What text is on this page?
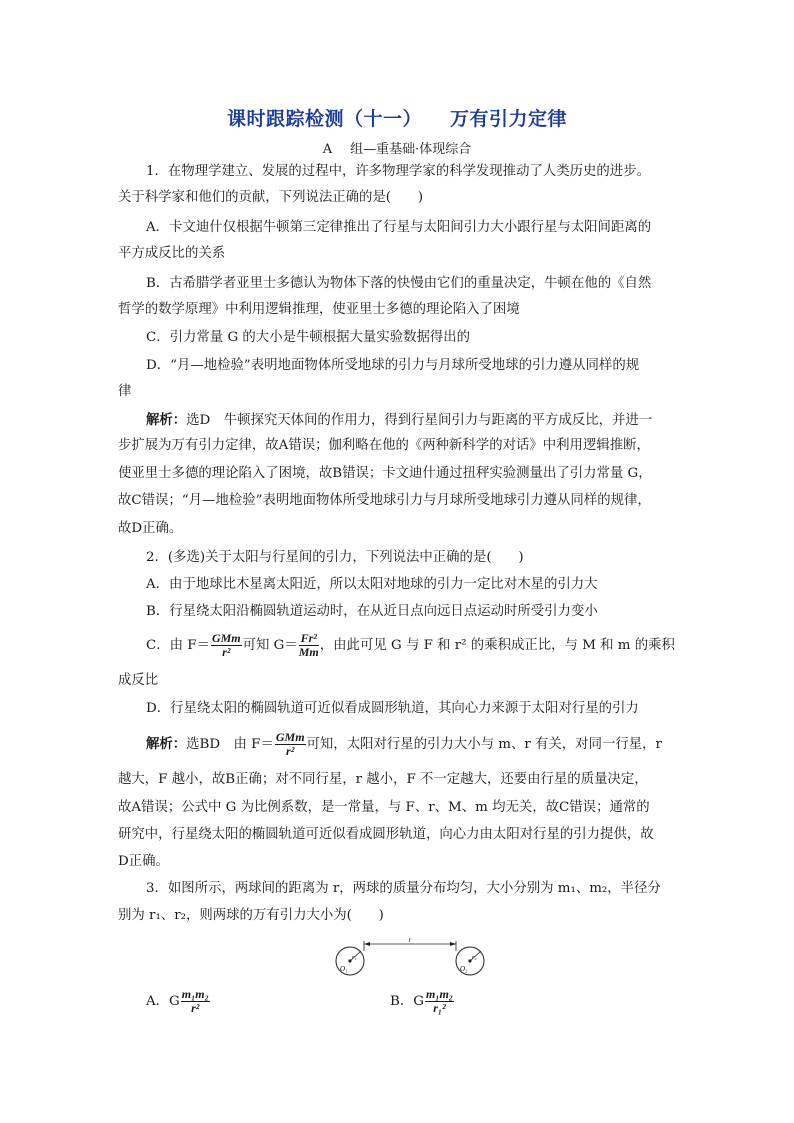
课时跟踪检测（十一） 万有引力定律
A 组—重基础·体现综合
1．在物理学建立、发展的过程中，许多物理学家的科学发现推动了人类历史的进步。
关于科学家和他们的贡献，下列说法正确的是(　　)
A．卡文迪什仅根据牛顿第三定律推出了行星与太阳间引力大小跟行星与太阳间距离的
平方成反比的关系
B．古希腊学者亚里士多德认为物体下落的快慢由它们的重量决定，牛顿在他的《自然
哲学的数学原理》中利用逻辑推理，使亚里士多德的理论陷入了困境
C．引力常量 G 的大小是牛顿根据大量实验数据得出的
D．“月—地检验”表明地面物体所受地球的引力与月球所受地球的引力遵从同样的规
律
解析：选D　牛顿探究天体间的作用力，得到行星间引力与距离的平方成反比，并进一
步扩展为万有引力定律，故A错误；伽利略在他的《两种新科学的对话》中利用逻辑推断，
使亚里士多德的理论陷入了困境，故B错误；卡文迪什通过扭秤实验测量出了引力常量 G，
故C错误；“月—地检验”表明地面物体所受地球引力与月球所受地球引力遵从同样的规律，
故D正确。
2．(多选)关于太阳与行星间的引力，下列说法中正确的是(　　)
A．由于地球比木星离太阳近，所以太阳对地球的引力一定比对木星的引力大
B．行星绕太阳沿椭圆轨道运动时，在从近日点向远日点运动时所受引力变小
C．由 F＝ GMm
r² 可知 $G= \frac{\text{Fr²}}{Mm}$ ，由此可见 G 与 F 和 r² 的乘积成正比，与 M 和 m 的乘积
成反比
D．行星绕太阳的椭圆轨道可近似看成圆形轨道，其向心力来源于太阳对行星的引力
解析：选BD　由 F＝ GMm
r² 可知，太阳对行星的引力大小与 m、r 有关，对同一行星，r
越大，F 越小，故B正确；对不同行星，r 越小，F 不一定越大，还要由行星的质量决定，
故A错误；公式中 G 为比例系数，是一常量，与 F、r、M、m 均无关，故C错误；通常的
研究中，行星绕太阳的椭圆轨道可近似看成圆形轨道，向心力由太阳对行星的引力提供，故
D正确。
3．如图所示，两球间的距离为 r，两球的质量分布均匀，大小分别为 m₁、m₂，半径分
别为 r₁、r₂，则两球的万有引力大小为(　　)
r
O₁
r₁
O₂
r₂
A．G $\frac{\text{m₁m₂}}{\text{r²}}$	B．G $\frac{\text{m₁m₂}}{\text{r₁²}}$
